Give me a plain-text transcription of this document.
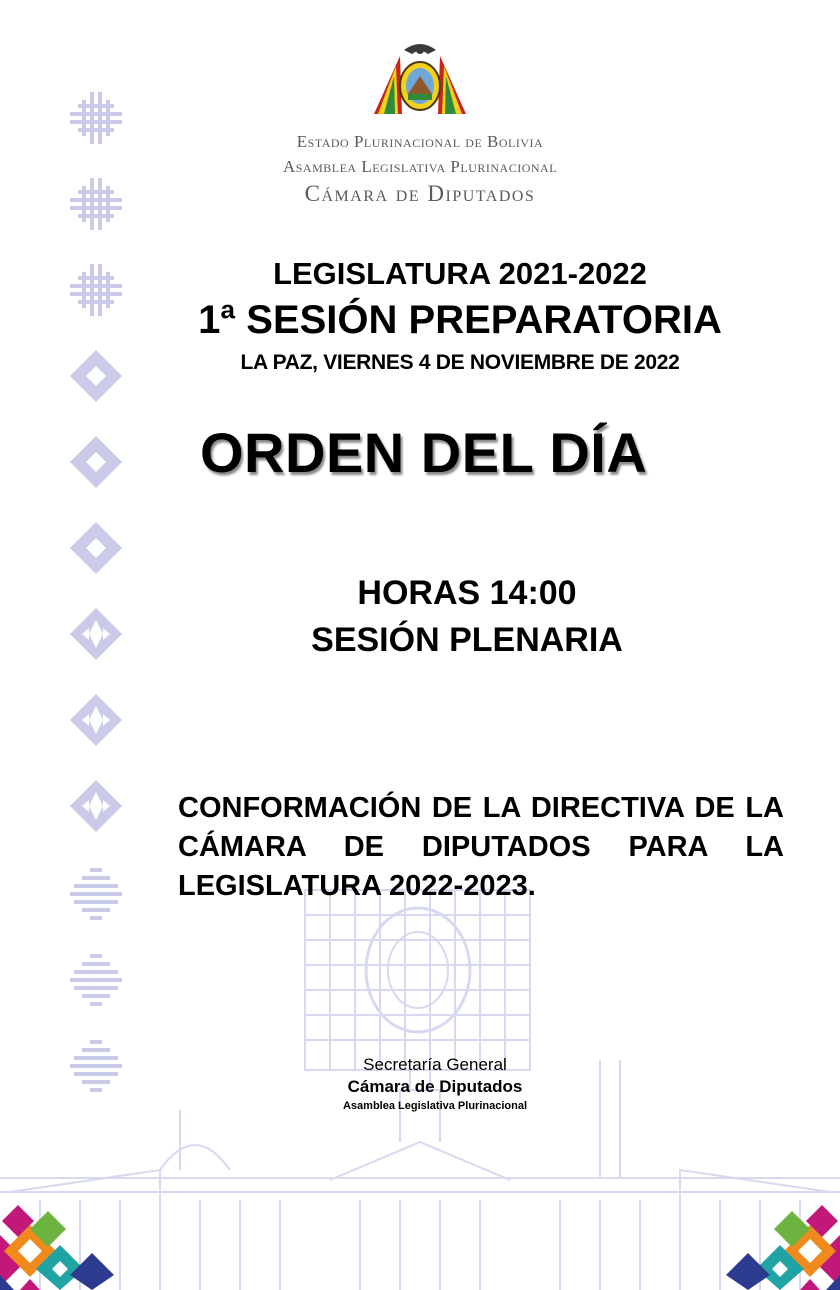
Estado Plurinacional de Bolivia
Asamblea Legislativa Plurinacional
Cámara de Diputados
LEGISLATURA 2021-2022
1ª SESIÓN PREPARATORIA
LA PAZ, VIERNES 4 DE NOVIEMBRE DE 2022
ORDEN DEL DÍA
HORAS 14:00
SESIÓN PLENARIA
CONFORMACIÓN DE LA DIRECTIVA DE LA CÁMARA DE DIPUTADOS PARA LA LEGISLATURA 2022-2023.
Secretaría General
Cámara de Diputados
Asamblea Legislativa Plurinacional
